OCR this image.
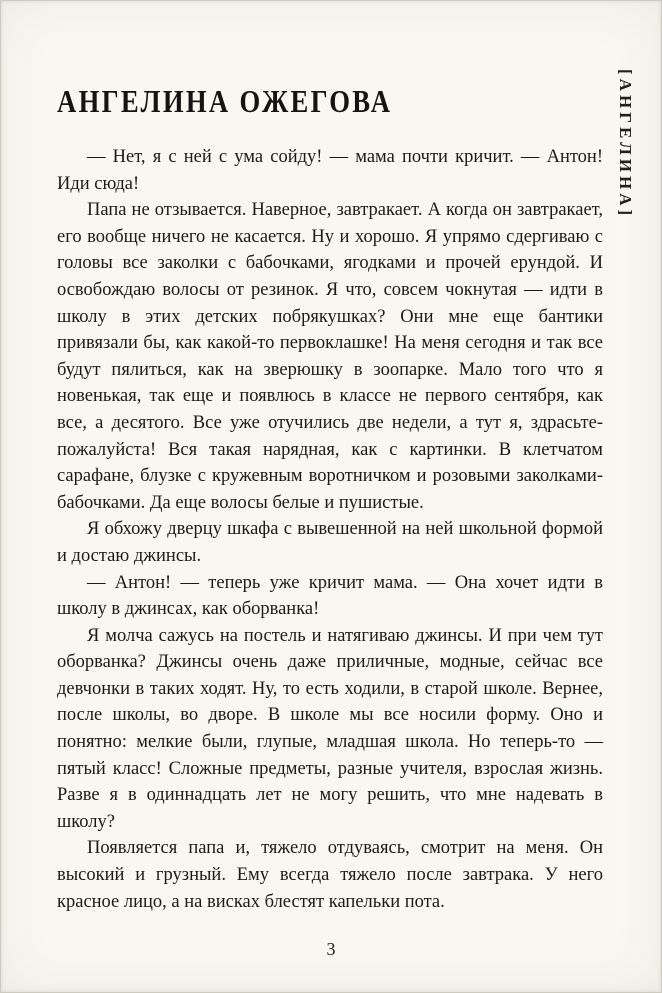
АНГЕЛИНА ОЖЕГОВА	[АНГЕЛИНА]

— Нет, я с ней с ума сойду! — мама почти кричит. — Антон! Иди сюда!

Папа не отзывается. Наверное, завтракает. А когда он завтракает, его вообще ничего не касается. Ну и хорошо. Я упрямо сдергиваю с головы все заколки с бабочками, ягодками и прочей ерундой. И освобождаю волосы от резинок. Я что, совсем чокнутая — идти в школу в этих детских побрякушках? Они мне еще бантики привязали бы, как какой-то первоклашке! На меня сегодня и так все будут пялиться, как на зверюшку в зоопарке. Мало того что я новенькая, так еще и появлюсь в классе не первого сентября, как все, а десятого. Все уже отучились две недели, а тут я, здрасьте-пожалуйста! Вся такая нарядная, как с картинки. В клетчатом сарафане, блузке с кружевным воротничком и розовыми заколками-бабочками. Да еще волосы белые и пушистые.

Я обхожу дверцу шкафа с вывешенной на ней школьной формой и достаю джинсы.

— Антон! — теперь уже кричит мама. — Она хочет идти в школу в джинсах, как оборванка!

Я молча сажусь на постель и натягиваю джинсы. И при чем тут оборванка? Джинсы очень даже приличные, модные, сейчас все девчонки в таких ходят. Ну, то есть ходили, в старой школе. Вернее, после школы, во дворе. В школе мы все носили форму. Оно и понятно: мелкие были, глупые, младшая школа. Но теперь-то — пятый класс! Сложные предметы, разные учителя, взрослая жизнь. Разве я в одиннадцать лет не могу решить, что мне надевать в школу?

Появляется папа и, тяжело отдуваясь, смотрит на меня. Он высокий и грузный. Ему всегда тяжело после завтрака. У него красное лицо, а на висках блестят капельки пота.

3
